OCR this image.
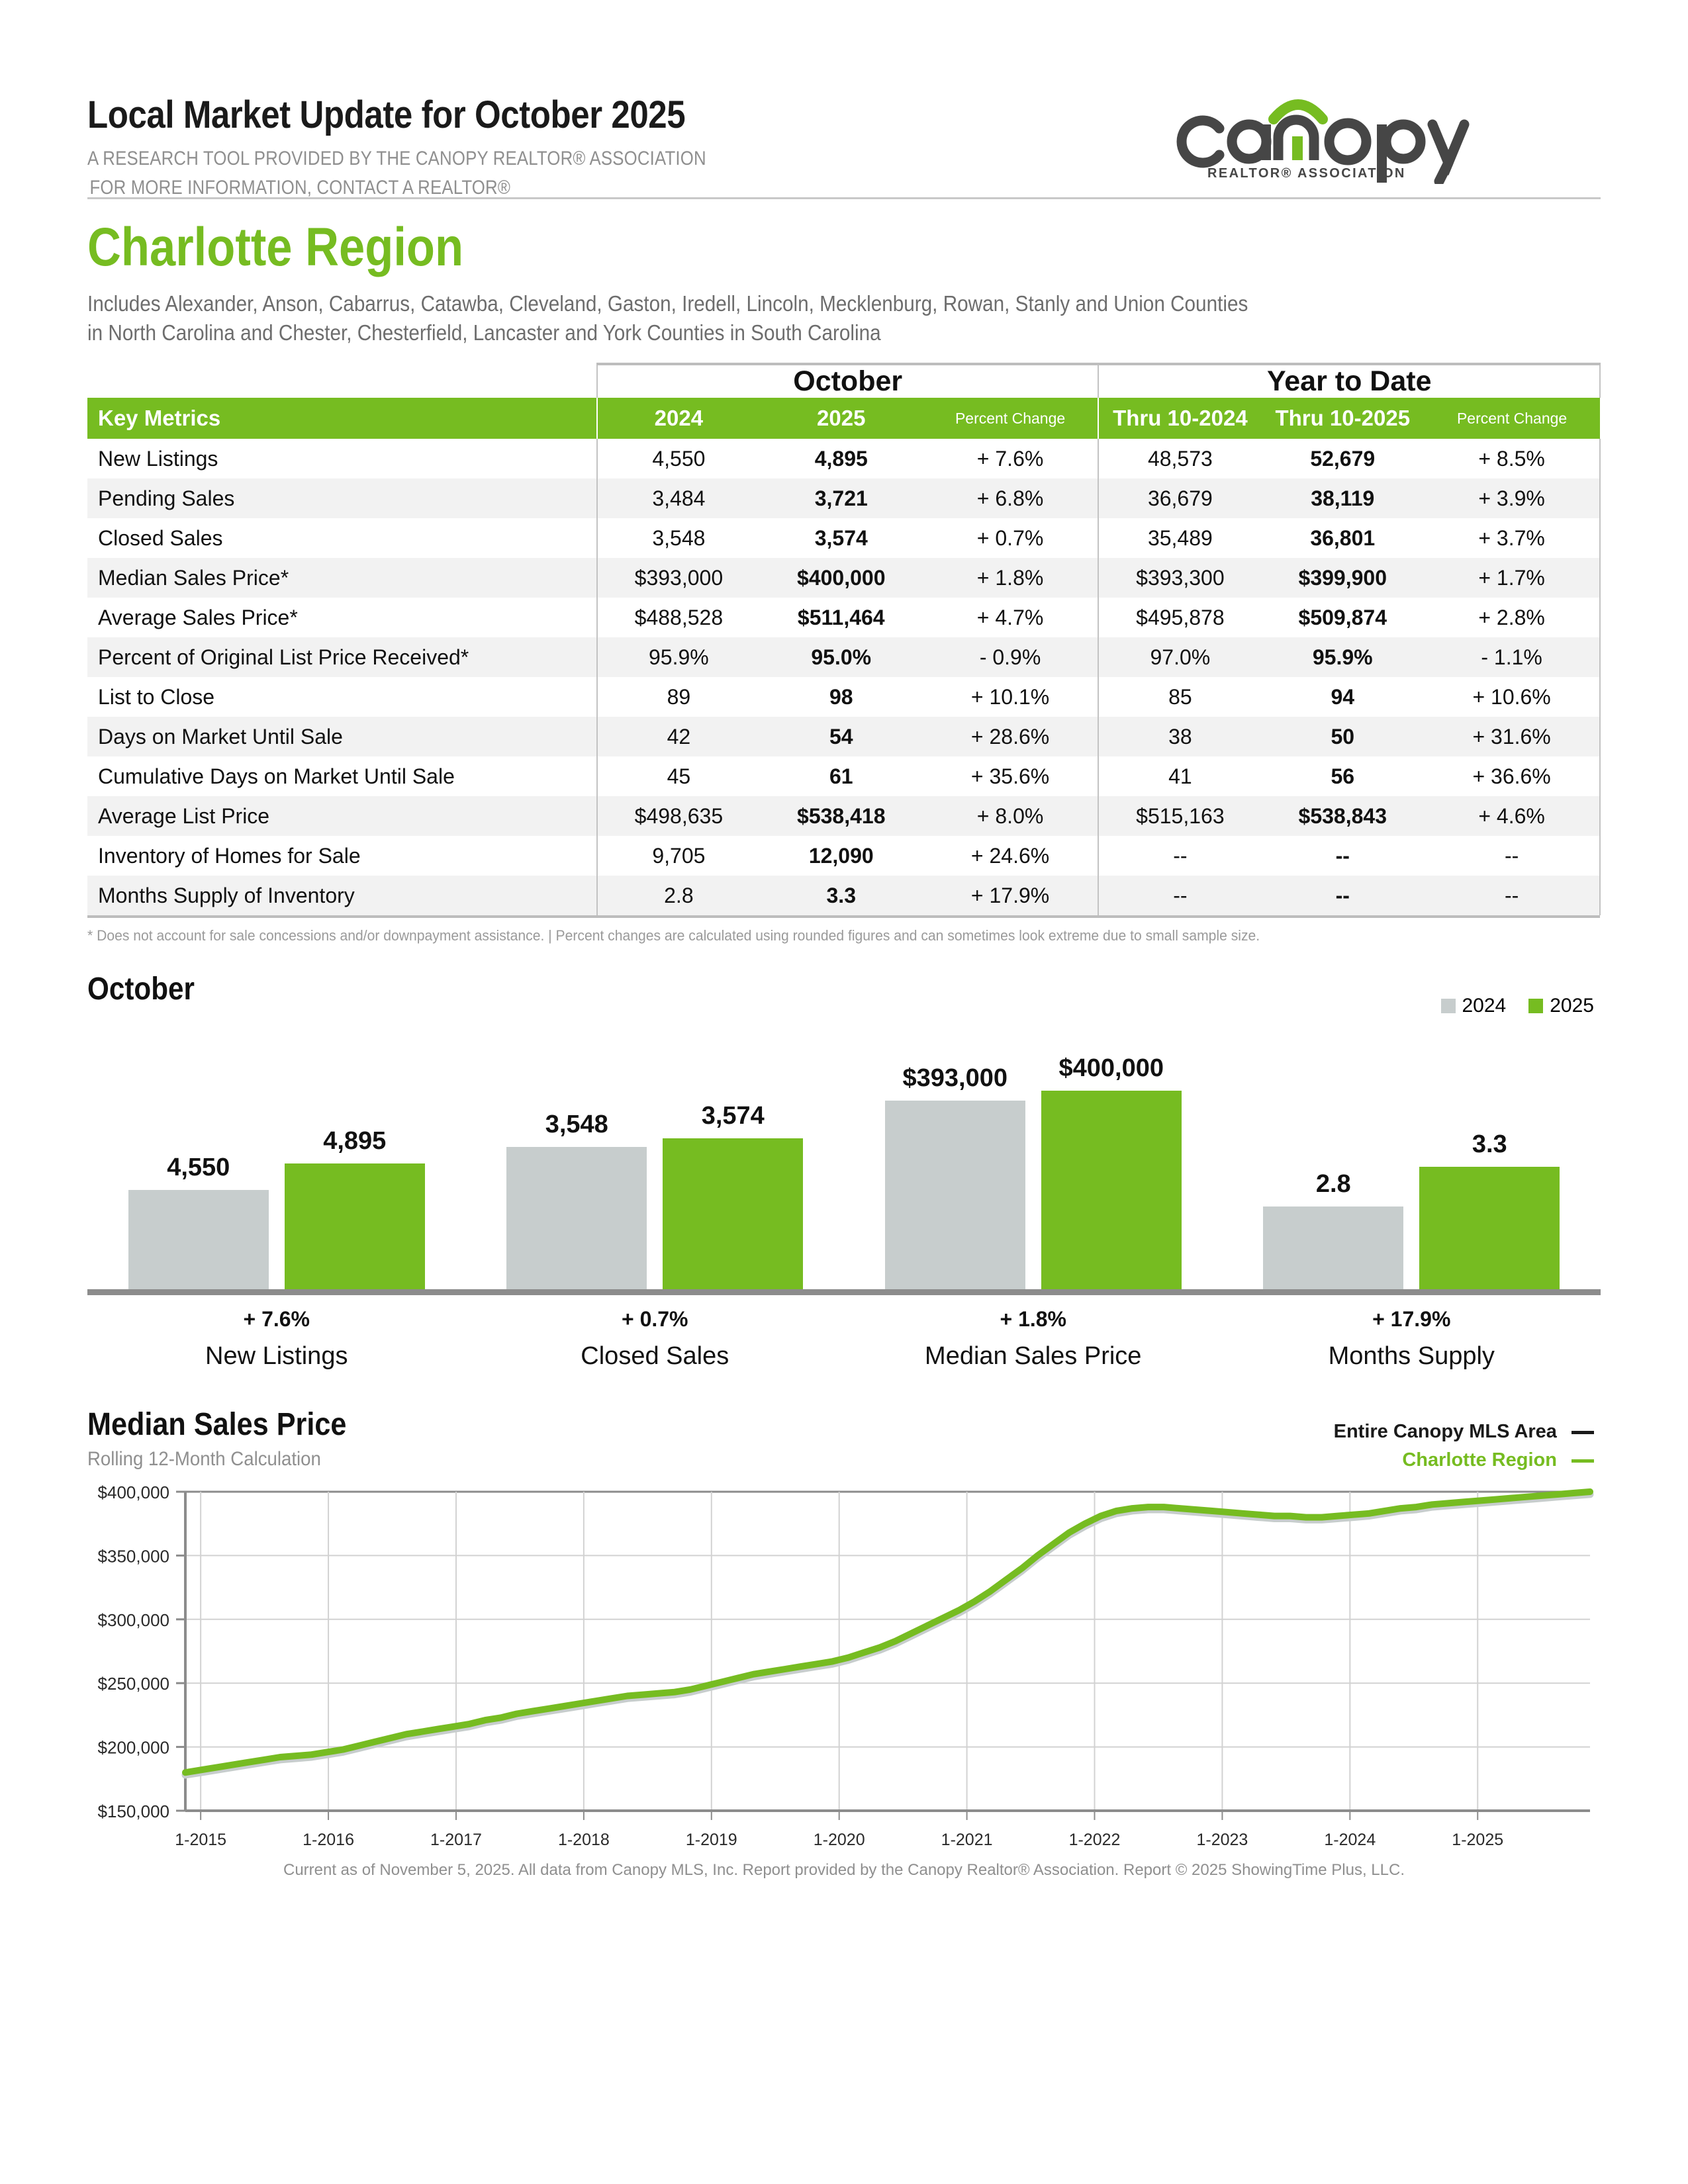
Local Market Update for October 2025
A RESEARCH TOOL PROVIDED BY THE CANOPY REALTOR® ASSOCIATION
FOR MORE INFORMATION, CONTACT A REALTOR®
REALTOR® ASSOCIATION
Charlotte Region
Includes Alexander, Anson, Cabarrus, Catawba, Cleveland, Gaston, Iredell, Lincoln, Mecklenburg, Rowan, Stanly and Union Counties
in North Carolina and Chester, Chesterfield, Lancaster and York Counties in South Carolina
	October			Year to Date		
Key Metrics	2024	2025	Percent Change	Thru 10-2024	Thru 10-2025	Percent Change
New Listings	4,550	4,895	+ 7.6%	48,573	52,679	+ 8.5%
Pending Sales	3,484	3,721	+ 6.8%	36,679	38,119	+ 3.9%
Closed Sales	3,548	3,574	+ 0.7%	35,489	36,801	+ 3.7%
Median Sales Price*	$393,000	$400,000	+ 1.8%	$393,300	$399,900	+ 1.7%
Average Sales Price*	$488,528	$511,464	+ 4.7%	$495,878	$509,874	+ 2.8%
Percent of Original List Price Received*	95.9%	95.0%	- 0.9%	97.0%	95.9%	- 1.1%
List to Close	89	98	+ 10.1%	85	94	+ 10.6%
Days on Market Until Sale	42	54	+ 28.6%	38	50	+ 31.6%
Cumulative Days on Market Until Sale	45	61	+ 35.6%	41	56	+ 36.6%
Average List Price	$498,635	$538,418	+ 8.0%	$515,163	$538,843	+ 4.6%
Inventory of Homes for Sale	9,705	12,090	+ 24.6%	--	--	--
Months Supply of Inventory	2.8	3.3	+ 17.9%	--	--	--

* Does not account for sale concessions and/or downpayment assistance. | Percent changes are calculated using rounded figures and can sometimes look extreme due to small sample size.
October	2024 2025
4,550
4,895
3,548	3,574
$393,000 $400,000
2.8
3.3
+ 7.6%
New Listings
+ 0.7%
Closed Sales
+ 1.8%
Median Sales Price
+ 17.9%
Months Supply
Median Sales Price
Rolling 12-Month Calculation
Entire Canopy MLS Area
Charlotte Region
$150,000
$200,000
$250,000
$300,000
$350,000
$400,000
1-2015	1-2016	1-2017	1-2018	1-2019	1-2020	1-2021	1-2022	1-2023	1-2024	1-2025
Current as of November 5, 2025. All data from Canopy MLS, Inc. Report provided by the Canopy Realtor® Association. Report © 2025 ShowingTime Plus, LLC.
